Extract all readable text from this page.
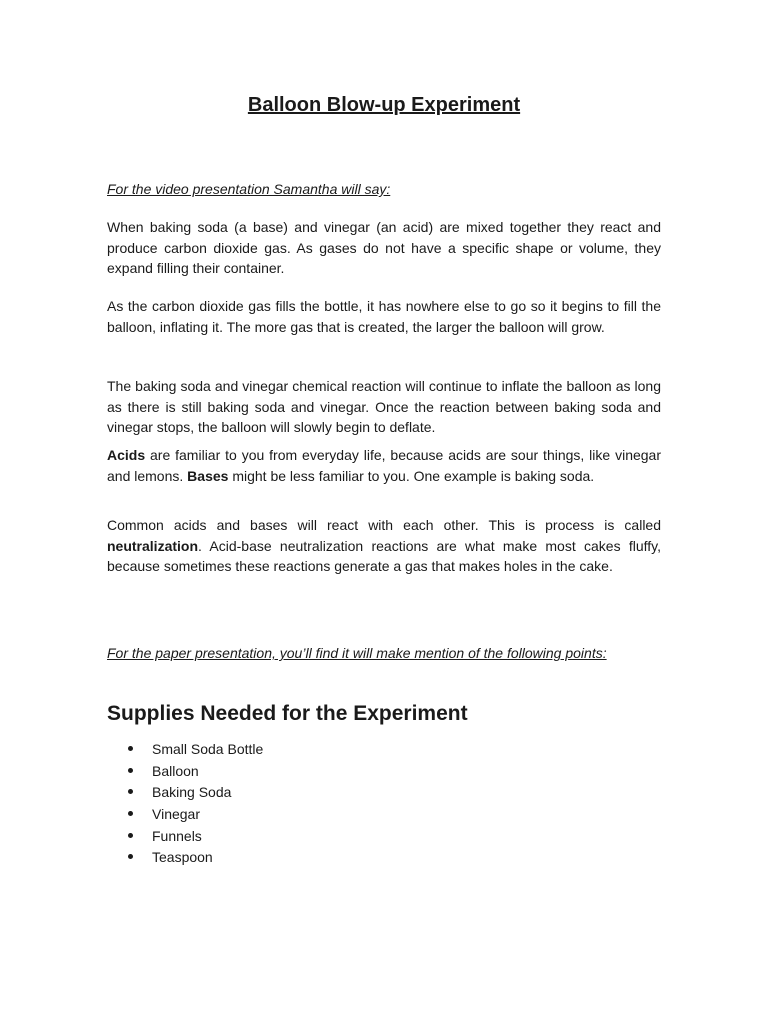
Balloon Blow-up Experiment

For the video presentation Samantha will say:

When baking soda (a base) and vinegar (an acid) are mixed together they react and produce carbon dioxide gas. As gases do not have a specific shape or volume, they expand filling their container.

As the carbon dioxide gas fills the bottle, it has nowhere else to go so it begins to fill the balloon, inflating it. The more gas that is created, the larger the balloon will grow.

The baking soda and vinegar chemical reaction will continue to inflate the balloon as long as there is still baking soda and vinegar. Once the reaction between baking soda and vinegar stops, the balloon will slowly begin to deflate.

Acids are familiar to you from everyday life, because acids are sour things, like vinegar and lemons. Bases might be less familiar to you. One example is baking soda.

Common acids and bases will react with each other. This is process is called neutralization. Acid-base neutralization reactions are what make most cakes fluffy, because sometimes these reactions generate a gas that makes holes in the cake.

For the paper presentation, you’ll find it will make mention of the following points:

Supplies Needed for the Experiment
Small Soda Bottle
Balloon
Baking Soda
Vinegar
Funnels
Teaspoon
